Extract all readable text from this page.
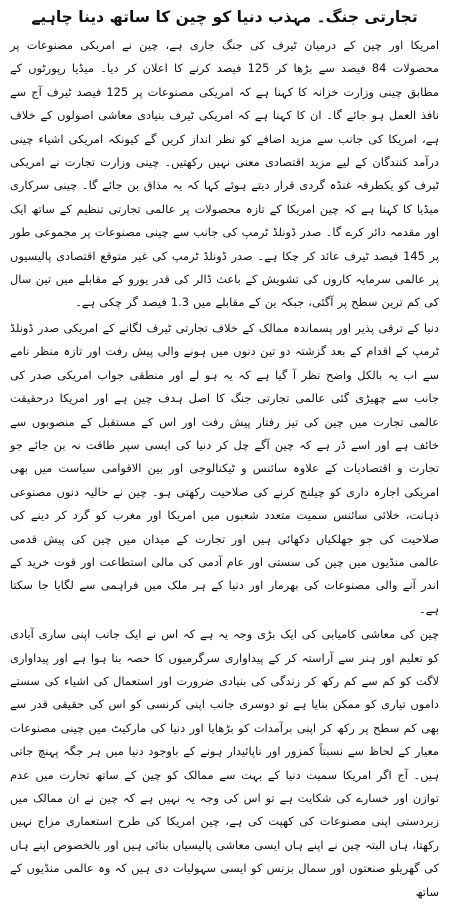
تجارتی جنگ۔ مہذب دنیا کو چین کا ساتھ دینا چاہیے

امریکا اور چین کے درمیان ٹیرف کی جنگ جاری ہے، چین نے امریکی مصنوعات پر محصولات 84 فیصد سے بڑھا کر 125 فیصد کرنے کا اعلان کر دیا۔ میڈیا رپورٹوں کے مطابق چینی وزارت خزانہ کا کہنا ہے کہ امریکی مصنوعات پر 125 فیصد ٹیرف آج سے نافذ العمل ہو جائے گا۔ ان کا کہنا ہے کہ امریکی ٹیرف بنیادی معاشی اصولوں کے خلاف ہے، امریکا کی جانب سے مزید اضافے کو نظر انداز کریں گے کیونکہ امریکی اشیاء چینی درآمد کنندگان کے لیے مزید اقتصادی معنی نہیں رکھتیں۔ چینی وزارت تجارت نے امریکی ٹیرف کو یکطرفہ غنڈہ گردی قرار دیتے ہوئے کہا کہ یہ مذاق بن جائے گا۔ چینی سرکاری میڈیا کا کہنا ہے کہ چین امریکا کے تازہ محصولات پر عالمی تجارتی تنظیم کے ساتھ ایک اور مقدمہ دائر کرے گا۔ صدر ڈونلڈ ٹرمپ کی جانب سے چینی مصنوعات پر مجموعی طور پر 145 فیصد ٹیرف عائد کر چکا ہے۔ صدر ڈونلڈ ٹرمپ کی غیر متوقع اقتصادی پالیسیوں پر عالمی سرمایہ کاروں کی تشویش کے باعث ڈالر کی قدر یورو کے مقابلے میں تین سال کی کم ترین سطح پر آگئی، جبکہ ین کے مقابلے میں 1.3 فیصد گر چکی ہے۔

دنیا کے ترقی پذیر اور پسماندہ ممالک کے خلاف تجارتی ٹیرف لگانے کے امریکی صدر ڈونلڈ ٹرمپ کے اقدام کے بعد گزشتہ دو تین دنوں میں ہونے والی پیش رفت اور تازہ منظر نامے سے اب یہ بالکل واضح نظر آ گیا ہے کہ یہ ہو لے اور منطقی جواب امریکی صدر کی جانب سے چھیڑی گئی عالمی تجارتی جنگ کا اصل ہدف چین ہے اور امریکا درحقیقت عالمی تجارت میں چین کی تیز رفتار پیش رفت اور اس کے مستقبل کے منصوبوں سے خائف ہے اور اسے ڈر ہے کہ چین آگے چل کر دنیا کی ایسی سپر طاقت نہ بن جائے جو تجارت و اقتصادیات کے علاوہ سائنس و ٹیکنالوجی اور بین الاقوامی سیاست میں بھی امریکی اجارہ داری کو چیلنج کرنے کی صلاحیت رکھتی ہو۔ چین نے حالیہ دنوں مصنوعی ذہانت، خلائی سائنس سمیت متعدد شعبوں میں امریکا اور مغرب کو گرد کر دینے کی صلاحیت کی جو جھلکیاں دکھائی ہیں اور تجارت کے میدان میں چین کی پیش قدمی عالمی منڈیوں میں چین کی سستی اور عام آدمی کی مالی استطاعت اور قوت خرید کے اندر آنے والی مصنوعات کی بھرمار اور دنیا کے ہر ملک میں فراہمی سے لگایا جا سکتا ہے۔

چین کی معاشی کامیابی کی ایک بڑی وجہ یہ ہے کہ اس نے ایک جانب اپنی ساری آبادی کو تعلیم اور ہنر سے آراستہ کر کے پیداواری سرگرمیوں کا حصہ بنا ہوا ہے اور پیداواری لاگت کو کم سے کم رکھ کر زندگی کی بنیادی ضرورت اور استعمال کی اشیاء کی سستے داموں تیاری کو ممکن بنایا ہے تو دوسری جانب اپنی کرنسی کو اس کی حقیقی قدر سے بھی کم سطح پر رکھ کر اپنی برآمدات کو بڑھایا اور دنیا کی مارکیٹ میں چینی مصنوعات معیار کے لحاظ سے نسبتاً کمزور اور ناپائیدار ہونے کے باوجود دنیا میں ہر جگہ پہنچ جاتی ہیں۔ آج اگر امریکا سمیت دنیا کے بہت سے ممالک کو چین کے ساتھ تجارت میں عدم توازن اور خسارے کی شکایت ہے تو اس کی وجہ یہ نہیں ہے کہ چین نے ان ممالک میں زبردستی اپنی مصنوعات کی کھپت کی ہے، چین امریکا کی طرح استعماری مزاج نہیں رکھتا، ہاں البتہ چین نے اپنے ہاں ایسی معاشی پالیسیاں بنائی ہیں اور بالخصوص اپنے ہاں کی گھریلو صنعتوں اور سمال بزنس کو ایسی سہولیات دی ہیں کہ وہ عالمی منڈیوں کے ساتھ
